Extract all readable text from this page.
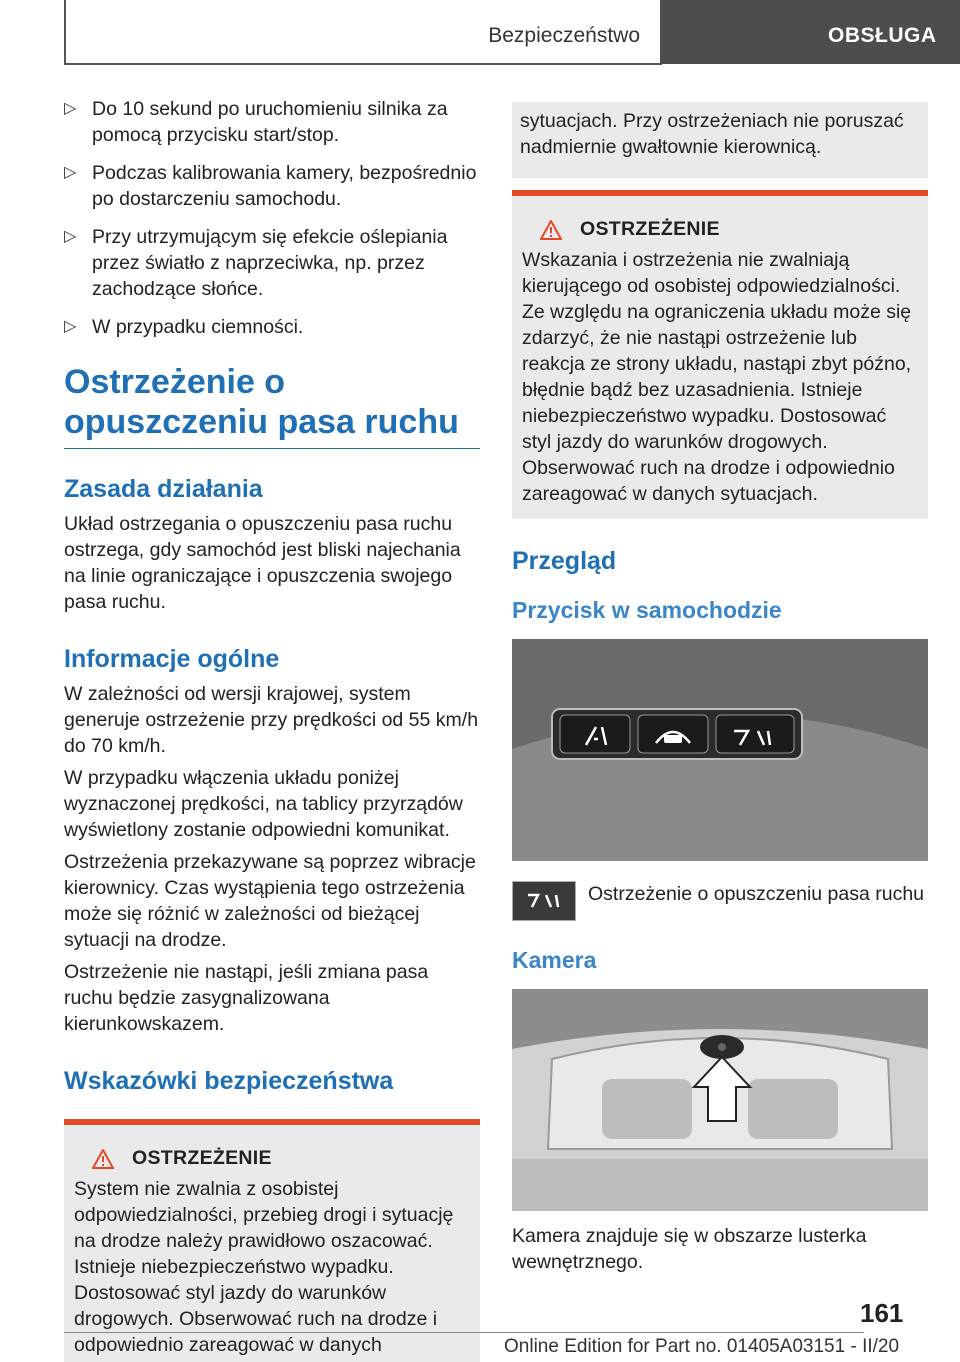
Bezpieczeństwo	OBSŁUGA
▷ Do 10 sekund po uruchomieniu silnika za pomocą przycisku start/stop.
▷ Podczas kalibrowania kamery, bezpośrednio po dostarczeniu samochodu.
▷ Przy utrzymującym się efekcie oślepiania przez światło z naprzeciwka, np. przez zachodzące słońce.
▷ W przypadku ciemności.
Ostrzeżenie o opuszczeniu pasa ruchu
Zasada działania

Układ ostrzegania o opuszczeniu pasa ruchu ostrzega, gdy samochód jest bliski najechania na linie ograniczające i opuszczenia swojego pasa ruchu.

Informacje ogólne

W zależności od wersji krajowej, system generuje ostrzeżenie przy prędkości od 55 km/h do 70 km/h.

W przypadku włączenia układu poniżej wyznaczonej prędkości, na tablicy przyrządów wyświetlony zostanie odpowiedni komunikat.

Ostrzeżenia przekazywane są poprzez wibracje kierownicy. Czas wystąpienia tego ostrzeżenia może się różnić w zależności od bieżącej sytuacji na drodze.

Ostrzeżenie nie nastąpi, jeśli zmiana pasa ruchu będzie zasygnalizowana kierunkowskazem.

Wskazówki bezpieczeństwa
OSTRZEŻENIE
System nie zwalnia z osobistej odpowiedzialności, przebieg drogi i sytuację na drodze należy prawidłowo oszacować. Istnieje niebezpieczeństwo wypadku. Dostosować styl jazdy do warunków drogowych. Obserwować ruch na drodze i odpowiednio zareagować w danych
sytuacjach. Przy ostrzeżeniach nie poruszać nadmiernie gwałtownie kierownicą.
OSTRZEŻENIE
Wskazania i ostrzeżenia nie zwalniają kierującego od osobistej odpowiedzialności. Ze względu na ograniczenia układu może się zdarzyć, że nie nastąpi ostrzeżenie lub reakcja ze strony układu, nastąpi zbyt późno, błędnie bądź bez uzasadnienia. Istnieje niebezpieczeństwo wypadku. Dostosować styl jazdy do warunków drogowych. Obserwować ruch na drodze i odpowiednio zareagować w danych sytuacjach.
Przegląd
Przycisk w samochodzie
Ostrzeżenie o opuszczeniu pasa ruchu
Kamera

Kamera znajduje się w obszarze lusterka wewnętrznego.

161
Online Edition for Part no. 01405A03151 - II/20
